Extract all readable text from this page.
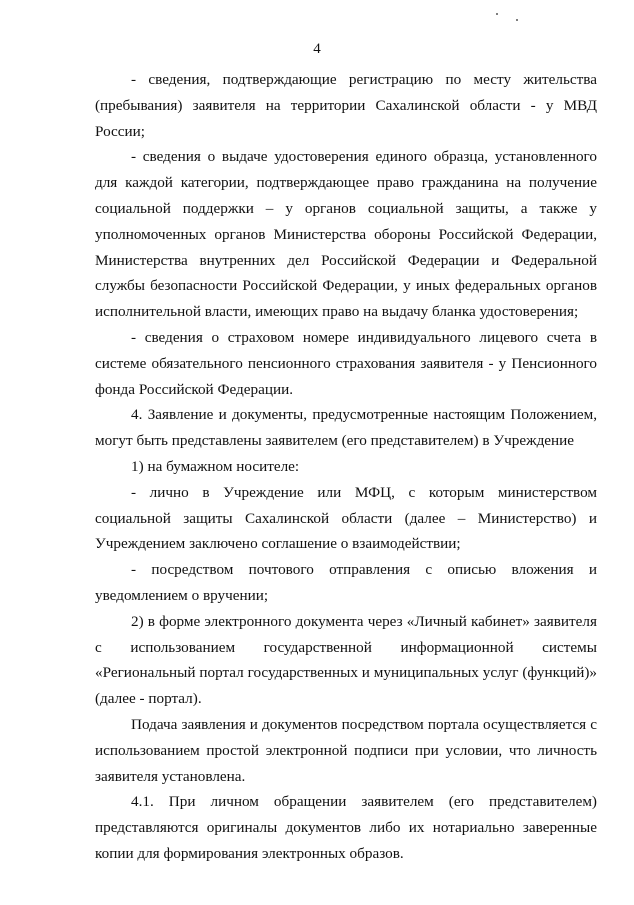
4

- сведения, подтверждающие регистрацию по месту жительства (пребывания) заявителя на территории Сахалинской области - у МВД России;

- сведения о выдаче удостоверения единого образца, установленного для каждой категории, подтверждающее право гражданина на получение социальной поддержки – у органов социальной защиты, а также у уполномоченных органов Министерства обороны Российской Федерации, Министерства внутренних дел Российской Федерации и Федеральной службы безопасности Российской Федерации, у иных федеральных органов исполнительной власти, имеющих право на выдачу бланка удостоверения;

- сведения о страховом номере индивидуального лицевого счета в системе обязательного пенсионного страхования заявителя - у Пенсионного фонда Российской Федерации.

4. Заявление и документы, предусмотренные настоящим Положением, могут быть представлены заявителем (его представителем) в Учреждение

1) на бумажном носителе:

- лично в Учреждение или МФЦ, с которым министерством социальной защиты Сахалинской области (далее – Министерство) и Учреждением заключено соглашение о взаимодействии;

- посредством почтового отправления с описью вложения и уведомлением о вручении;

2) в форме электронного документа через «Личный кабинет» заявителя с использованием государственной информационной системы «Региональный портал государственных и муниципальных услуг (функций)» (далее - портал).

Подача заявления и документов посредством портала осуществляется с использованием простой электронной подписи при условии, что личность заявителя установлена.

4.1. При личном обращении заявителем (его представителем) представляются оригиналы документов либо их нотариально заверенные копии для формирования электронных образов.
